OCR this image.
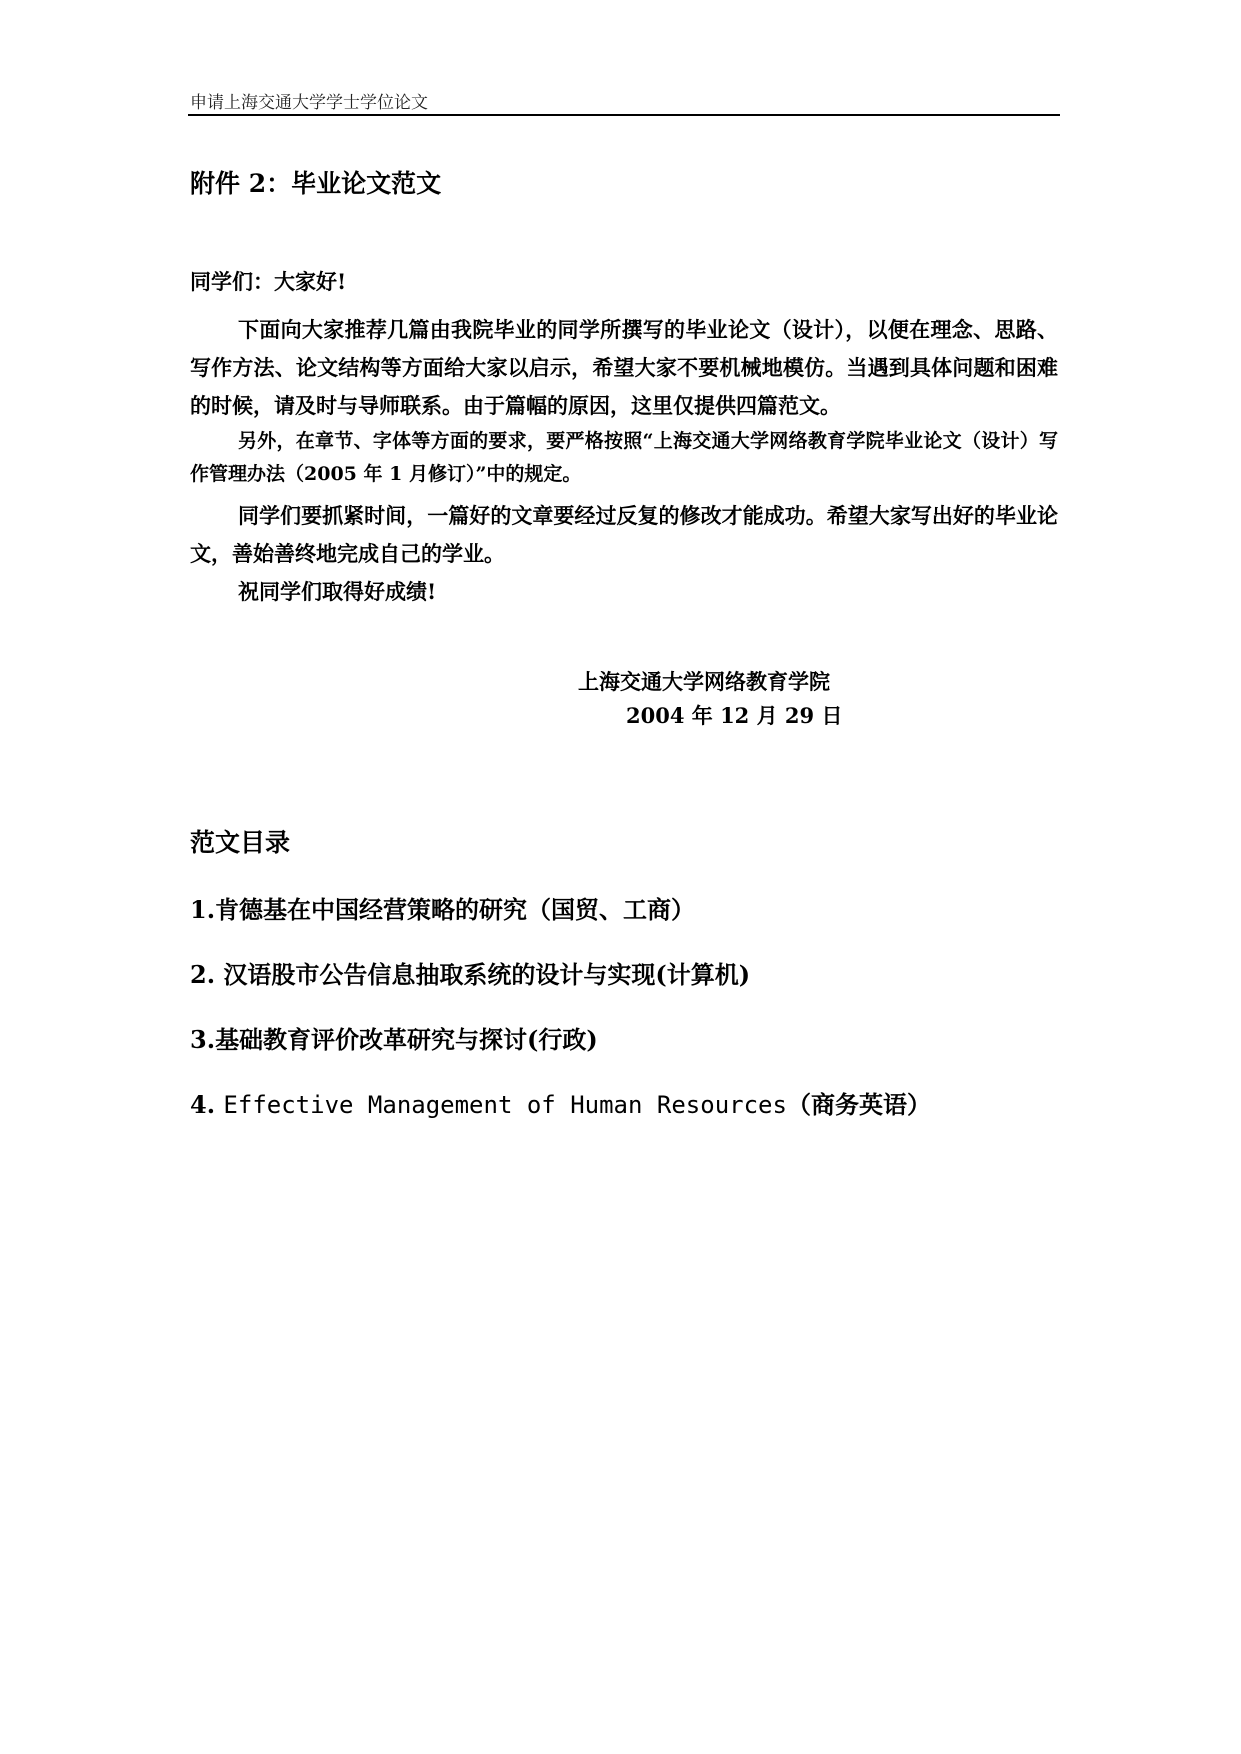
申请上海交通大学学士学位论文
附件 2：毕业论文范文

同学们：大家好!

下面向大家推荐几篇由我院毕业的同学所撰写的毕业论文（设计），以便在理念、思路、写作方法、论文结构等方面给大家以启示，希望大家不要机械地模仿。当遇到具体问题和困难的时候，请及时与导师联系。由于篇幅的原因，这里仅提供四篇范文。

另外，在章节、字体等方面的要求，要严格按照“上海交通大学网络教育学院毕业论文（设计）写作管理办法（2005 年 1 月修订）”中的规定。

同学们要抓紧时间，一篇好的文章要经过反复的修改才能成功。希望大家写出好的毕业论文，善始善终地完成自己的学业。

祝同学们取得好成绩!

上海交通大学网络教育学院
2004 年 12 月 29 日
范文目录

1.肯德基在中国经营策略的研究（国贸、工商）

2. 汉语股市公告信息抽取系统的设计与实现(计算机)

3.基础教育评价改革研究与探讨(行政)

4. Effective Management of Human Resources（商务英语）
